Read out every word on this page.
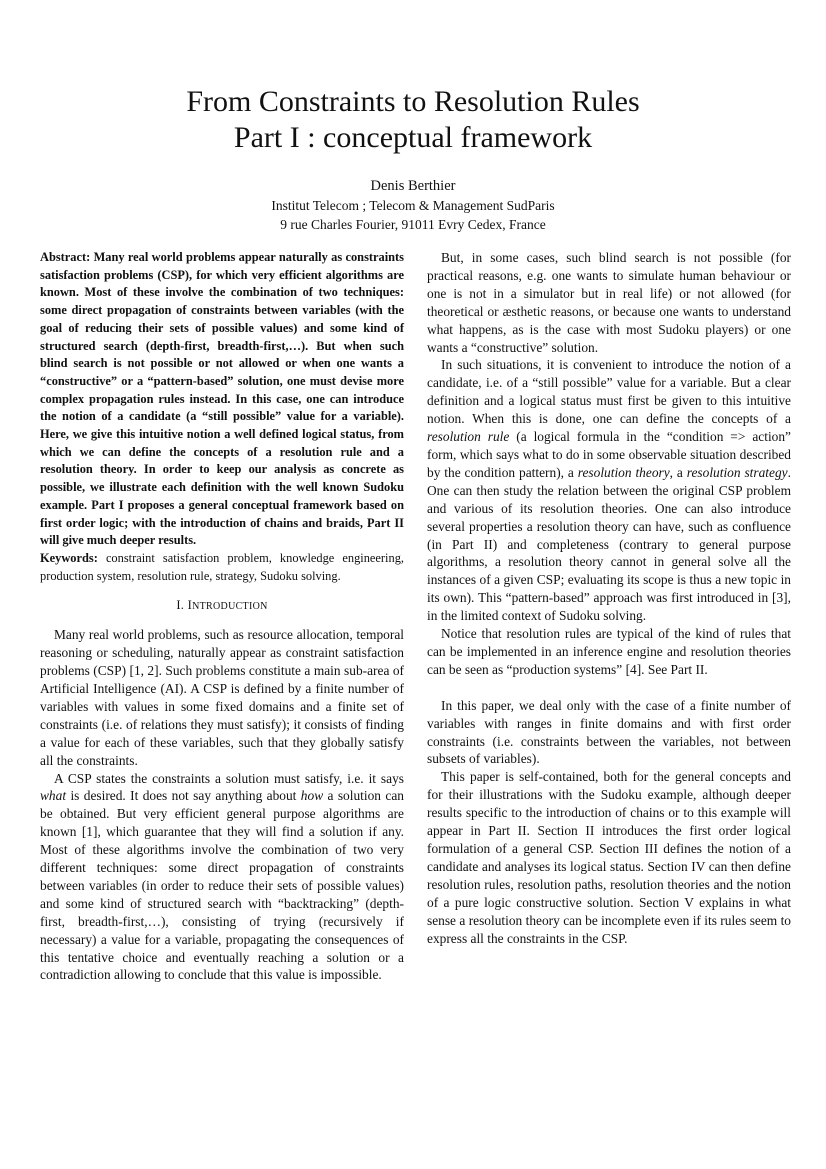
From Constraints to Resolution Rules
Part I : conceptual framework
Denis Berthier
Institut Telecom ; Telecom & Management SudParis
9 rue Charles Fourier, 91011 Evry Cedex, France

Abstract: Many real world problems appear naturally as constraints satisfaction problems (CSP), for which very efficient algorithms are known. Most of these involve the combination of two techniques: some direct propagation of constraints between variables (with the goal of reducing their sets of possible values) and some kind of structured search (depth-first, breadth-first,…). But when such blind search is not possible or not allowed or when one wants a “constructive” or a “pattern-based” solution, one must devise more complex propagation rules instead. In this case, one can introduce the notion of a candidate (a “still possible” value for a variable). Here, we give this intuitive notion a well defined logical status, from which we can define the concepts of a resolution rule and a resolution theory. In order to keep our analysis as concrete as possible, we illustrate each definition with the well known Sudoku example. Part I proposes a general conceptual framework based on first order logic; with the introduction of chains and braids, Part II will give much deeper results.

Keywords: constraint satisfaction problem, knowledge engineering, production system, resolution rule, strategy, Sudoku solving.

I. INTRODUCTION

Many real world problems, such as resource allocation, temporal reasoning or scheduling, naturally appear as constraint satisfaction problems (CSP) [1, 2]. Such problems constitute a main sub-area of Artificial Intelligence (AI). A CSP is defined by a finite number of variables with values in some fixed domains and a finite set of constraints (i.e. of relations they must satisfy); it consists of finding a value for each of these variables, such that they globally satisfy all the constraints.

A CSP states the constraints a solution must satisfy, i.e. it says what is desired. It does not say anything about how a solution can be obtained. But very efficient general purpose algorithms are known [1], which guarantee that they will find a solution if any. Most of these algorithms involve the combination of two very different techniques: some direct propagation of constraints between variables (in order to reduce their sets of possible values) and some kind of structured search with “backtracking” (depth-first, breadth-first,…), consisting of trying (recursively if necessary) a value for a variable, propagating the consequences of this tentative choice and eventually reaching a solution or a contradiction allowing to conclude that this value is impossible.

But, in some cases, such blind search is not possible (for practical reasons, e.g. one wants to simulate human behaviour or one is not in a simulator but in real life) or not allowed (for theoretical or æsthetic reasons, or because one wants to understand what happens, as is the case with most Sudoku players) or one wants a “constructive” solution.

In such situations, it is convenient to introduce the notion of a candidate, i.e. of a “still possible” value for a variable. But a clear definition and a logical status must first be given to this intuitive notion. When this is done, one can define the concepts of a resolution rule (a logical formula in the “condition => action” form, which says what to do in some observable situation described by the condition pattern), a resolution theory, a resolution strategy. One can then study the relation between the original CSP problem and various of its resolution theories. One can also introduce several properties a resolution theory can have, such as confluence (in Part II) and completeness (contrary to general purpose algorithms, a resolution theory cannot in general solve all the instances of a given CSP; evaluating its scope is thus a new topic in its own). This “pattern-based” approach was first introduced in [3], in the limited context of Sudoku solving.

Notice that resolution rules are typical of the kind of rules that can be implemented in an inference engine and resolution theories can be seen as “production systems” [4]. See Part II.

In this paper, we deal only with the case of a finite number of variables with ranges in finite domains and with first order constraints (i.e. constraints between the variables, not between subsets of variables).

This paper is self-contained, both for the general concepts and for their illustrations with the Sudoku example, although deeper results specific to the introduction of chains or to this example will appear in Part II. Section II introduces the first order logical formulation of a general CSP. Section III defines the notion of a candidate and analyses its logical status. Section IV can then define resolution rules, resolution paths, resolution theories and the notion of a pure logic constructive solution. Section V explains in what sense a resolution theory can be incomplete even if its rules seem to express all the constraints in the CSP.
